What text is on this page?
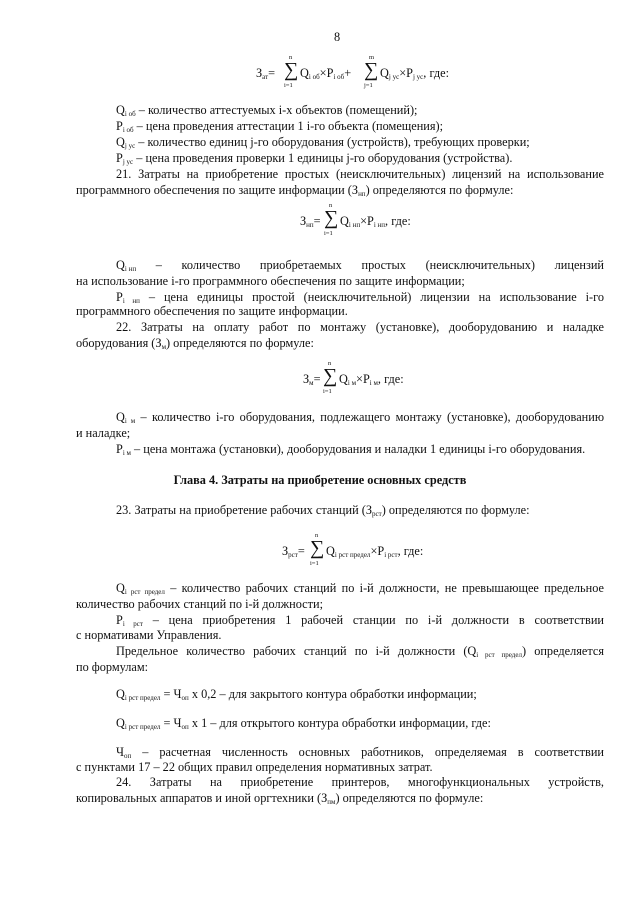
8
$З_{ат}=$
n
∑
i=1
$Q_{i об}\times P_{i об}+$
m
∑
j=1
$Q_{j ус}\times P_{j ус}$, где:
$Q_{i об}$ – количество аттестуемых i-х объектов (помещений);
$P_{i об}$ – цена проведения аттестации 1 i-го объекта (помещения);
$Q_{j ус}$ – количество единиц j-го оборудования (устройств), требующих проверки;
$P_{j ус}$ – цена проведения проверки 1 единицы j-го оборудования (устройства).
21. Затраты на приобретение простых (неисключительных) лицензий на использование
программного обеспечения по защите информации $(З_{нп})$ определяются по формуле:
$З_{нп}=$
n
∑
i=1
$Q_{i нп}\times P_{i нп}$, где:
$Q_{i нп}$ – количество приобретаемых простых (неисключительных) лицензий
на использование i-го программного обеспечения по защите информации;
$P_{i нп}$ – цена единицы простой (неисключительной) лицензии на использование i-го
программного обеспечения по защите информации.
22. Затраты на оплату работ по монтажу (установке), дооборудованию и наладке
оборудования $(З_м)$ определяются по формуле:
$З_м=$
n
∑
i=1
$Q_{i м}\times P_{i м}$, где:
$Q_{i м}$ – количество i-го оборудования, подлежащего монтажу (установке), дооборудованию
и наладке;
$P_{i м}$ – цена монтажа (установки), дооборудования и наладки 1 единицы i-го оборудования.
Глава 4. Затраты на приобретение основных средств
23. Затраты на приобретение рабочих станций $(З_{рст})$ определяются по формуле:
$З_{рст}=$
n
∑
i=1
$Q_{i рст предел}\times P_{i рст}$, где:
$Q_{i рст предел}$ – количество рабочих станций по i-й должности, не превышающее предельное
количество рабочих станций по i-й должности;
$P_{i рст}$ – цена приобретения 1 рабочей станции по i-й должности в соответствии
с нормативами Управления.
Предельное количество рабочих станций по i-й должности $(Q_{i рст предел})$ определяется
по формулам:
$Q_{i рст предел} = Ч_{оп}$ x 0,2 – для закрытого контура обработки информации;
$Q_{i рст предел} = Ч_{оп}$ x 1 – для открытого контура обработки информации, где:
$Ч_{оп}$ – расчетная численность основных работников, определяемая в соответствии
с пунктами 17 – 22 общих правил определения нормативных затрат.
24. Затраты на приобретение принтеров, многофункциональных устройств,
копировальных аппаратов и иной оргтехники $(З_{пм})$ определяются по формуле:
